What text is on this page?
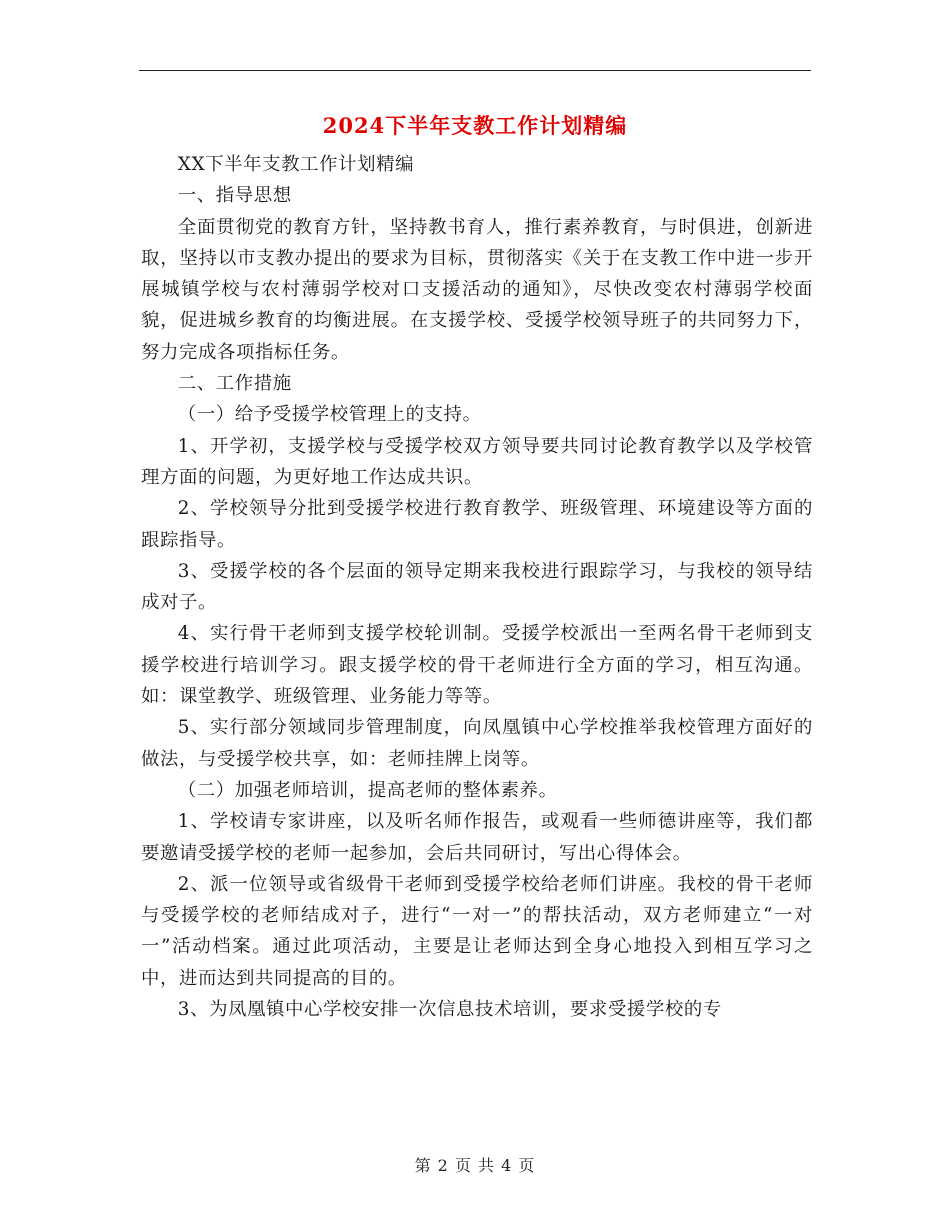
2024下半年支教工作计划精编

XX下半年支教工作计划精编

一、指导思想

全面贯彻党的教育方针，坚持教书育人，推行素养教育，与时俱进，创新进取，坚持以市支教办提出的要求为目标，贯彻落实《关于在支教工作中进一步开展城镇学校与农村薄弱学校对口支援活动的通知》，尽快改变农村薄弱学校面貌，促进城乡教育的均衡进展。在支援学校、受援学校领导班子的共同努力下，努力完成各项指标任务。

二、工作措施

（一）给予受援学校管理上的支持。

1、开学初，支援学校与受援学校双方领导要共同讨论教育教学以及学校管理方面的问题，为更好地工作达成共识。

2、学校领导分批到受援学校进行教育教学、班级管理、环境建设等方面的跟踪指导。

3、受援学校的各个层面的领导定期来我校进行跟踪学习，与我校的领导结成对子。

4、实行骨干老师到支援学校轮训制。受援学校派出一至两名骨干老师到支援学校进行培训学习。跟支援学校的骨干老师进行全方面的学习，相互沟通。如：课堂教学、班级管理、业务能力等等。

5、实行部分领域同步管理制度，向凤凰镇中心学校推举我校管理方面好的做法，与受援学校共享，如：老师挂牌上岗等。

（二）加强老师培训，提高老师的整体素养。

1、学校请专家讲座，以及听名师作报告，或观看一些师德讲座等，我们都要邀请受援学校的老师一起参加，会后共同研讨，写出心得体会。

2、派一位领导或省级骨干老师到受援学校给老师们讲座。我校的骨干老师与受援学校的老师结成对子，进行“一对一”的帮扶活动，双方老师建立“一对一”活动档案。通过此项活动，主要是让老师达到全身心地投入到相互学习之中，进而达到共同提高的目的。

3、为凤凰镇中心学校安排一次信息技术培训，要求受援学校的专

第 2 页 共 4 页
